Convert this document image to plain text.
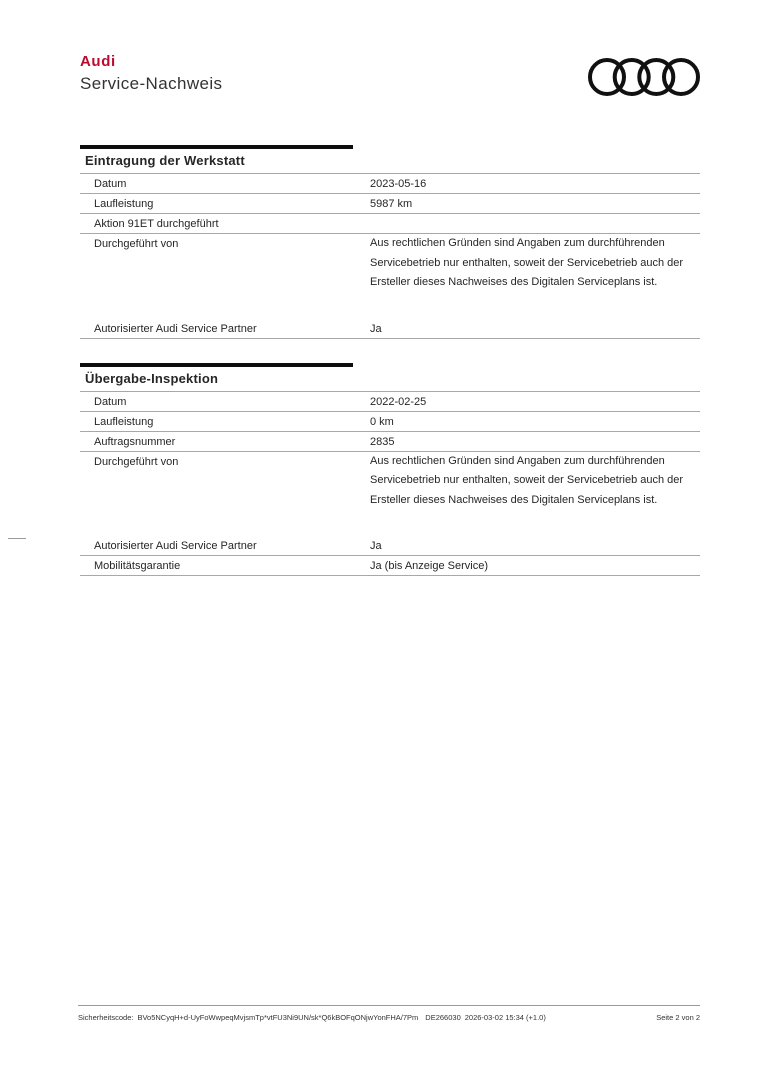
Audi
Service-Nachweis
Eintragung der Werkstatt
Datum	2023-05-16
Laufleistung	5987 km
Aktion 91ET durchgeführt
Durchgeführt von	Aus rechtlichen Gründen sind Angaben zum durchführenden Servicebetrieb nur enthalten, soweit der Servicebetrieb auch der Ersteller dieses Nachweises des Digitalen Serviceplans ist.
Autorisierter Audi Service Partner	Ja
Übergabe-Inspektion
Datum	2022-02-25
Laufleistung	0 km
Auftragsnummer	2835
Durchgeführt von	Aus rechtlichen Gründen sind Angaben zum durchführenden Servicebetrieb nur enthalten, soweit der Servicebetrieb auch der Ersteller dieses Nachweises des Digitalen Serviceplans ist.
Autorisierter Audi Service Partner	Ja
Mobilitätsgarantie	Ja (bis Anzeige Service)
Sicherheitscode: BVo5NCyqH+d-UyFoWwpeqMvjsmTp*vtFU3Ni9UN/sk*Q6kBOFqONjwYonFHA/7Pm DE266030 2026-03-02 15:34 (+1.0)	Seite 2 von 2
